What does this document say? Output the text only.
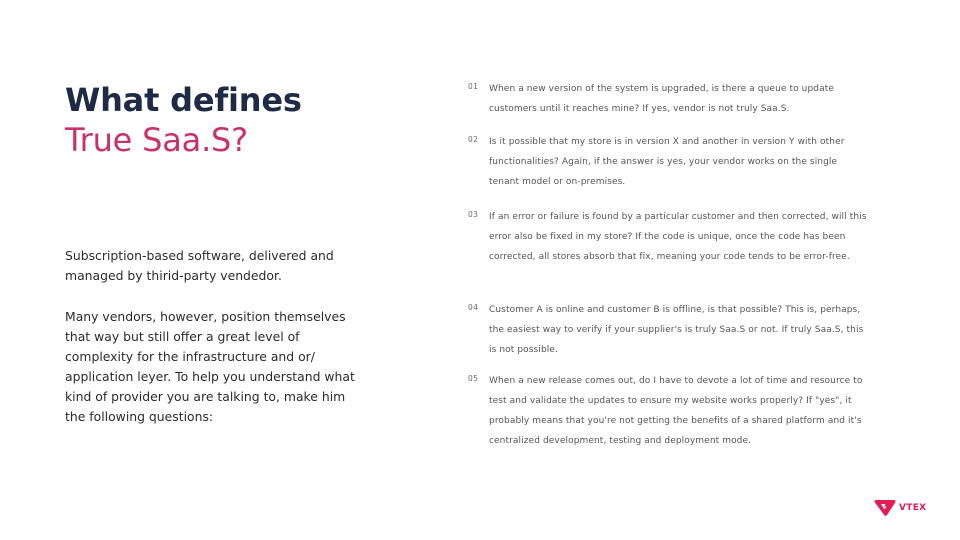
What defines
True Saa.S?
Subscription-based software, delivered and managed by thirid-party vendedor.
Many vendors, however, position themselves that way but still offer a great level of complexity for the infrastructure and or/ application leyer. To help you understand what kind of provider you are talking to, make him the following questions:
01 When a new version of the system is upgraded, is there a queue to update customers until it reaches mine? If yes, vendor is not truly Saa.S.
02 Is it possible that my store is in version X and another in version Y with other functionalities? Again, if the answer is yes, your vendor works on the single tenant model or on-premises.
03 If an error or failure is found by a particular customer and then corrected, will this error also be fixed in my store? If the code is unique, once the code has been corrected, all stores absorb that fix, meaning your code tends to be error-free.
04 Customer A is online and customer B is offline, is that possible? This is, perhaps, the easiest way to verify if your supplier's is truly Saa.S or not. If truly Saa.S, this is not possible.
05 When a new release comes out, do I have to devote a lot of time and resource to test and validate the updates to ensure my website works properly? If "yes", it probably means that you're not getting the benefits of a shared platform and it's centralized development, testing and deployment mode.
VTEX
